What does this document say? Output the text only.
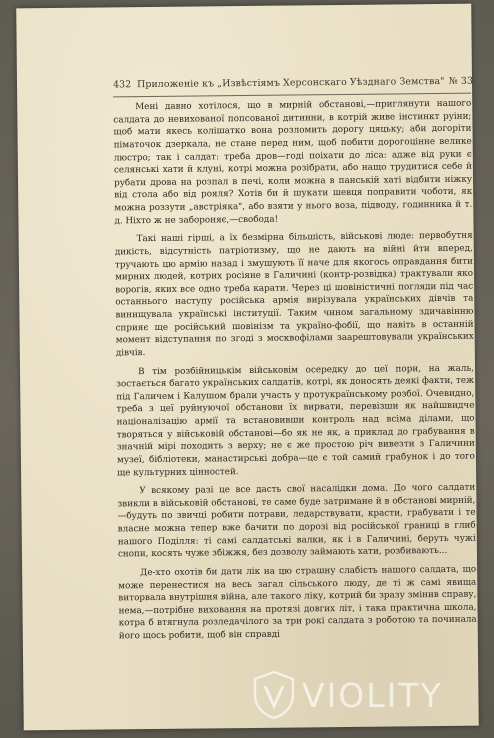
432 Приложеніе къ „Извѣстіямъ Херсонскаго Уѣзднаго Земства" № 33

Мені давно хотілося, що в мирній обстанові,—приглянути нашого салдата до невихованої попсованої дитинни, в котрій живе інстинкт руіни; щоб мати якесь колішатко вона розломить дорогу цяцьку; аби догоріти піматочок дзеркала, не стане перед ним, щоб побити дорогоцінне велике люстро; так і салдат: треба дров—годі поіхати до ліса: адже від руки є селянські хати й клуні, котрі можна розібрати, або нащо трудитися себе й рубати дрова на розпал в печі, коли можна в панській хаті відбити ніжку від стола або від рояля? Хотів би й шукати шевця поправити чоботи, як можна роззути „австріяка", або взяти у нього воза, підводу, годинника й т. д. Ніхто ж не забороняє,—свобода!

Такі наші гірші, а їх безмірна більшість, військові люде: первобутня дикість, відсутність патріотизму, що не дають на війні йти вперед, тручають цю армію назад і змушують її наче для якогось оправдання бити мирних людей, котрих росіяне в Галичині (контр-розвідка) трактували яко ворогів, яких все одно треба карати. Через ці шовіністичні погляди під час останнього наступу російська армія вирізувала українських дівчів та винищувала українські інституції. Таким чином загальному здичавінню сприяє ще російський шовінізм та україно-фобії, що навіть в останній момент відступання по згоді з москвофілами заарештовували українських дівчів.

В тім розбійницькім військовім осередку до цеї пори, на жаль, зостається багато українських салдатів, котрі, як доносять деякі факти, теж під Галичем і Калушом брали участь у протукраїнському розбої. Очевидно, треба з цеї руйнуючої обстанови їх вирвати, перевізши як найшвидче націоналізацію армії та встановивши контроль над всіма ділами, що творяться у військовій обстанові—бо як не як, а приклад до грабування в значній мірі походить з верху; не є же простою річ вивезти з Галичини музеї, бібліотеки, манастирські добра—це є той самий грабунок і до того ще культурних цінностей.

У всякому разі це все дасть свої насалідки дома. До чого салдати звикли в військовій обстанові, те саме буде затримане й в обстанові мирній,—будуть по звичці робити потрави, ледарствувати, красти, грабувати і те власне можна тепер вже бачити по дорозі від російської границі в глиб нашого Поділля: ті самі салдатські валки, як і в Галичині, беруть чужі снопи, косять чуже збіжжя, без дозволу займають хати, розбивають...

Де-хто охотів би дати лік на цю страшну слабість нашого салдата, що може перенестися на весь загал сільського люду, де ті ж самі явища виторвала внутрішня війна, але такого ліку, котрий би зразу змінив справу, нема,—потрібне виховання на протязі довгих літ, і така практична школа, котра б втягнула розледачілого за три рокі салдата з роботою та починала його щось робити, щоб він справді

VIOLITY
